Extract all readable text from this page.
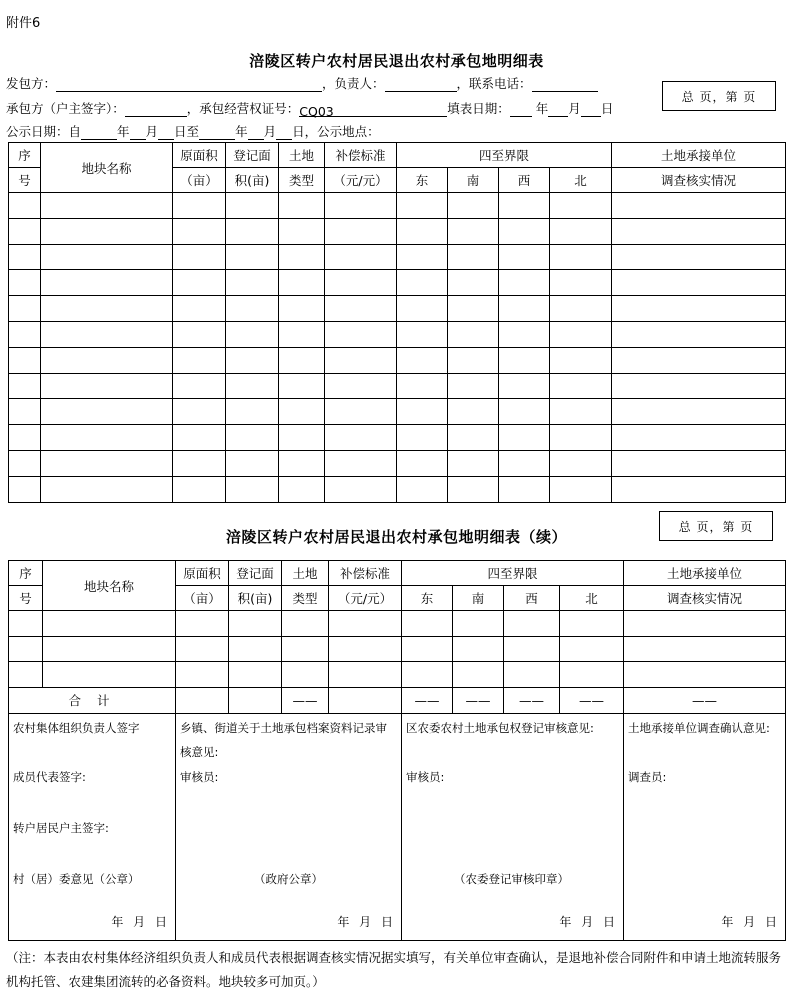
附件6
涪陵区转户农村居民退出农村承包地明细表
总 页，第 页
发包方：	，负责人：	，联系电话：
承包方（户主签字）：	，承包经营权证号：CQ03	填表日期： 年 月 日
公示日期：自	年 月 日至	年 月 日，公示地点：
序	地块名称	原面积	登记面	土地	补偿标准	四至界限				土地承接单位
号		（亩）	积(亩)	类型	（元/元）	东	南	西	北	调查核实情况

涪陵区转户农村居民退出农村承包地明细表（续）
总 页，第 页
序	地块名称	原面积	登记面	土地	补偿标准	四至界限				土地承接单位
号		（亩）	积(亩)	类型	（元/元）	东	南	西	北	调查核实情况

合 计				——		——	——	——	——	——

农村集体组织负责人签字
成员代表签字:
转户居民户主签字:
村（居）委意见（公章）
年 月 日		乡镇、街道关于土地承包档案资料记录审
核意见:
审核员:
（政府公章）
年 月 日				区农委农村土地承包权登记审核意见:
审核员:
（农委登记审核印章）
年 月 日				土地承接单位调查确认意见:
调查员:
年 月 日
（注：本表由农村集体经济组织负责人和成员代表根据调查核实情况据实填写，有关单位审查确认，是退地补偿合同附件和申请土地流转服务机构托管、农建集团流转的必备资料。地块较多可加页。）
